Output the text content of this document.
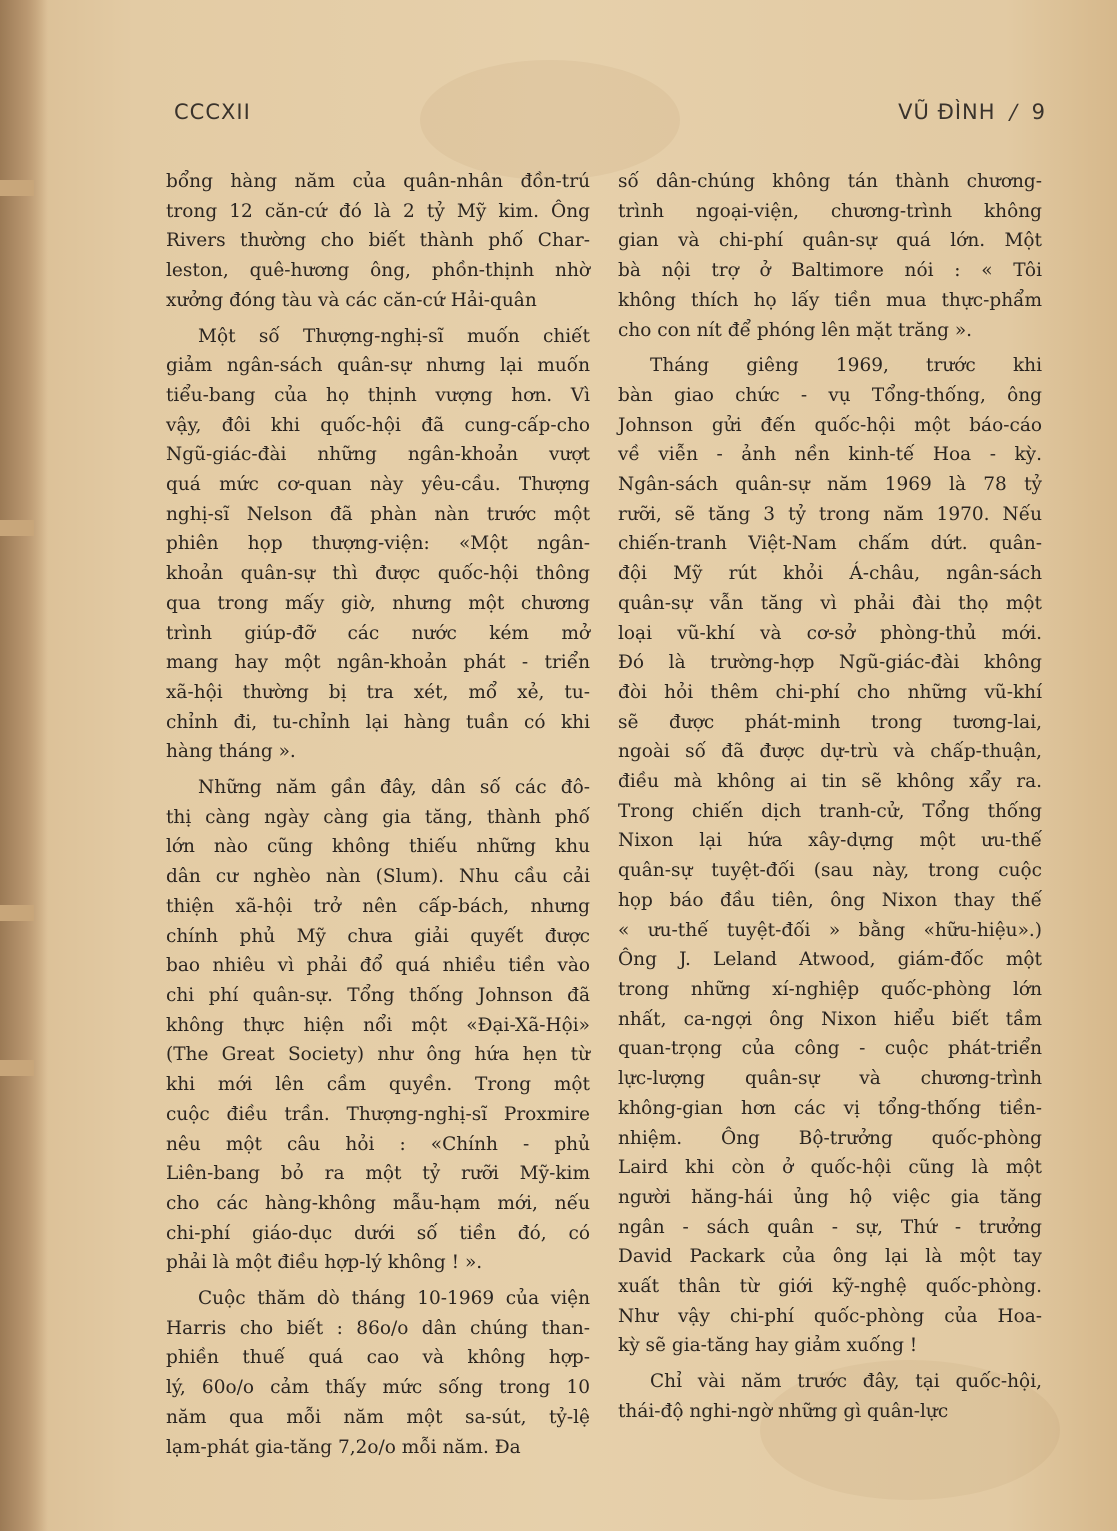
CCCXII	VŨ ĐÌNH / 9
bổng hàng năm của quân-nhân đồn-trú
trong 12 căn-cứ đó là 2 tỷ Mỹ kim. Ông
Rivers thường cho biết thành phố Char-
leston, quê-hương ông, phồn-thịnh nhờ
xưởng đóng tàu và các căn-cứ Hải-quân
Một số Thượng-nghị-sĩ muốn chiết
giảm ngân-sách quân-sự nhưng lại muốn
tiểu-bang của họ thịnh vượng hơn. Vì
vậy, đôi khi quốc-hội đã cung-cấp-cho
Ngũ-giác-đài những ngân-khoản vượt
quá mức cơ-quan này yêu-cầu. Thượng
nghị-sĩ Nelson đã phàn nàn trước một
phiên họp thượng-viện: «Một ngân-
khoản quân-sự thì được quốc-hội thông
qua trong mấy giờ, nhưng một chương
trình giúp-đỡ các nước kém mở
mang hay một ngân-khoản phát - triển
xã-hội thường bị tra xét, mổ xẻ, tu-
chỉnh đi, tu-chỉnh lại hàng tuần có khi
hàng tháng ».
Những năm gần đây, dân số các đô-
thị càng ngày càng gia tăng, thành phố
lớn nào cũng không thiếu những khu
dân cư nghèo nàn (Slum). Nhu cầu cải
thiện xã-hội trở nên cấp-bách, nhưng
chính phủ Mỹ chưa giải quyết được
bao nhiêu vì phải đổ quá nhiều tiền vào
chi phí quân-sự. Tổng thống Johnson đã
không thực hiện nổi một «Đại-Xã-Hội»
(The Great Society) như ông hứa hẹn từ
khi mới lên cầm quyền. Trong một
cuộc điều trần. Thượng-nghị-sĩ Proxmire
nêu một câu hỏi : «Chính - phủ
Liên-bang bỏ ra một tỷ rưỡi Mỹ-kim
cho các hàng-không mẫu-hạm mới, nếu
chi-phí giáo-dục dưới số tiền đó, có
phải là một điều hợp-lý không ! ».
Cuộc thăm dò tháng 10-1969 của viện
Harris cho biết : 86o/o dân chúng than-
phiền thuế quá cao và không hợp-
lý, 60o/o cảm thấy mức sống trong 10
năm qua mỗi năm một sa-sút, tỷ-lệ
lạm-phát gia-tăng 7,2o/o mỗi năm. Đa
số dân-chúng không tán thành chương-
trình ngoại-viện, chương-trình không
gian và chi-phí quân-sự quá lớn. Một
bà nội trợ ở Baltimore nói : « Tôi
không thích họ lấy tiền mua thực-phẩm
cho con nít để phóng lên mặt trăng ».
Tháng giêng 1969, trước khi
bàn giao chức - vụ Tổng-thống, ông
Johnson gửi đến quốc-hội một báo-cáo
về viễn - ảnh nền kinh-tế Hoa - kỳ.
Ngân-sách quân-sự năm 1969 là 78 tỷ
rưỡi, sẽ tăng 3 tỷ trong năm 1970. Nếu
chiến-tranh Việt-Nam chấm dứt. quân-
đội Mỹ rút khỏi Á-châu, ngân-sách
quân-sự vẫn tăng vì phải đài thọ một
loại vũ-khí và cơ-sở phòng-thủ mới.
Đó là trường-hợp Ngũ-giác-đài không
đòi hỏi thêm chi-phí cho những vũ-khí
sẽ được phát-minh trong tương-lai,
ngoài số đã được dự-trù và chấp-thuận,
điều mà không ai tin sẽ không xẩy ra.
Trong chiến dịch tranh-cử, Tổng thống
Nixon lại hứa xây-dựng một ưu-thế
quân-sự tuyệt-đối (sau này, trong cuộc
họp báo đầu tiên, ông Nixon thay thế
« ưu-thế tuyệt-đối » bằng «hữu-hiệu».)
Ông J. Leland Atwood, giám-đốc một
trong những xí-nghiệp quốc-phòng lớn
nhất, ca-ngợi ông Nixon hiểu biết tầm
quan-trọng của công - cuộc phát-triển
lực-lượng quân-sự và chương-trình
không-gian hơn các vị tổng-thống tiền-
nhiệm. Ông Bộ-trưởng quốc-phòng
Laird khi còn ở quốc-hội cũng là một
người hăng-hái ủng hộ việc gia tăng
ngân - sách quân - sự, Thứ - trưởng
David Packark của ông lại là một tay
xuất thân từ giới kỹ-nghệ quốc-phòng.
Như vậy chi-phí quốc-phòng của Hoa-
kỳ sẽ gia-tăng hay giảm xuống !
Chỉ vài năm trước đây, tại quốc-hội,
thái-độ nghi-ngờ những gì quân-lực
